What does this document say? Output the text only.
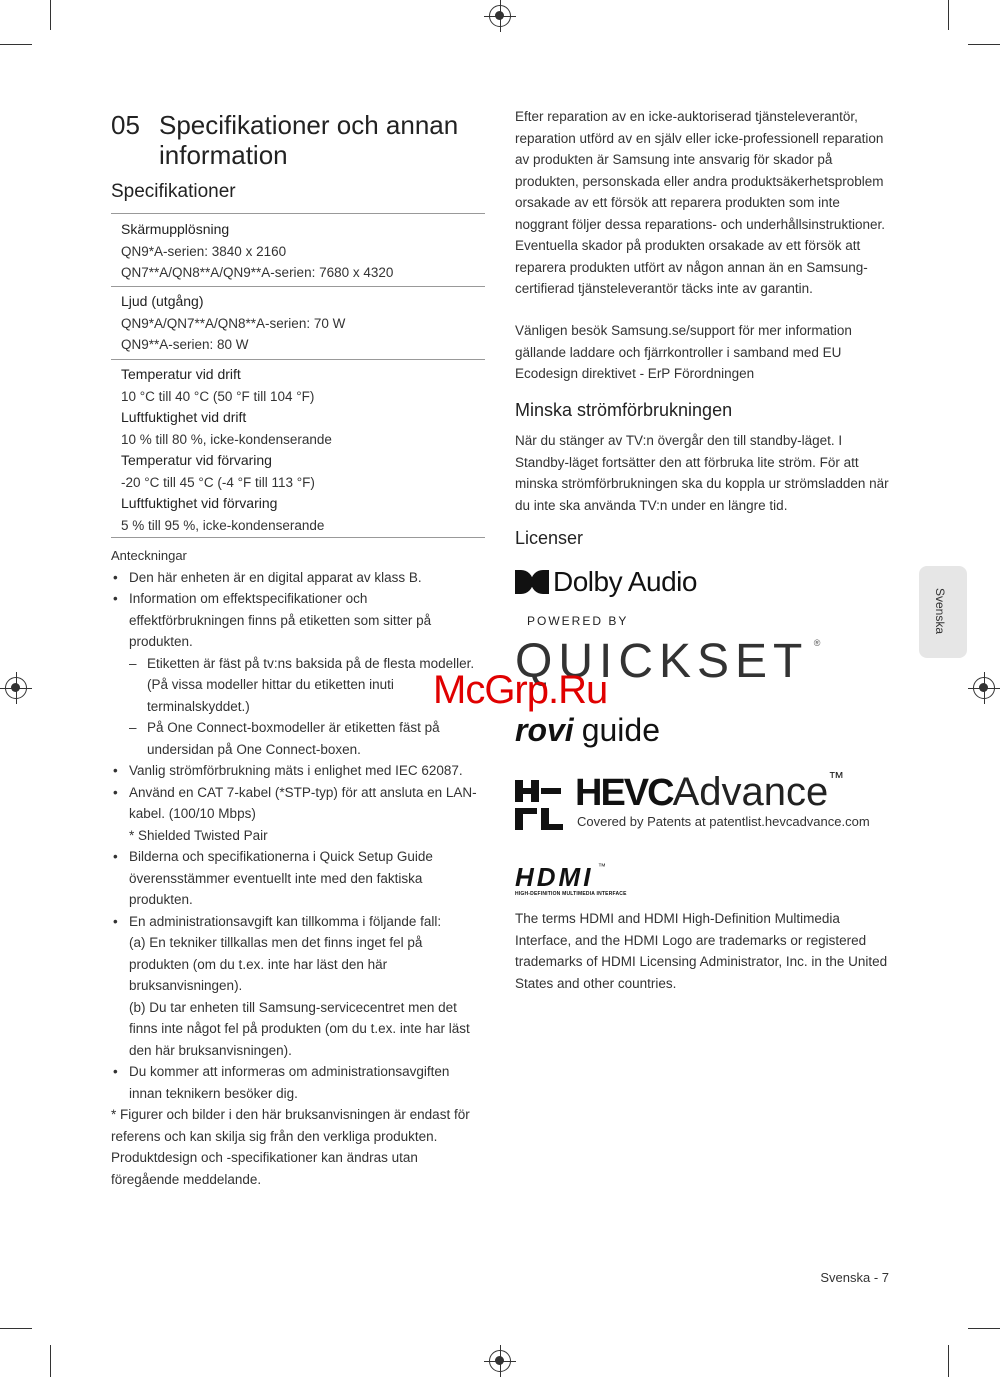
05 Specifikationer och annan
information
Specifikationer
Skärmupplösning
QN9*A-serien: 3840 x 2160
QN7**A/QN8**A/QN9**A-serien: 7680 x 4320
Ljud (utgång)
QN9*A/QN7**A/QN8**A-serien: 70 W
QN9**A-serien: 80 W
Temperatur vid drift
10 °C till 40 °C (50 °F till 104 °F)
Luftfuktighet vid drift
10 % till 80 %, icke-kondenserande
Temperatur vid förvaring
-20 °C till 45 °C (-4 °F till 113 °F)
Luftfuktighet vid förvaring
5 % till 95 %, icke-kondenserande
Anteckningar
• Den här enheten är en digital apparat av klass B.
• Information om effektspecifikationer och effektförbrukningen finns på etiketten som sitter på produkten.
– Etiketten är fäst på tv:ns baksida på de flesta modeller. (På vissa modeller hittar du etiketten inuti terminalskyddet.)
– På One Connect-boxmodeller är etiketten fäst på undersidan på One Connect-boxen.
• Vanlig strömförbrukning mäts i enlighet med IEC 62087.
• Använd en CAT 7-kabel (*STP-typ) för att ansluta en LAN-kabel. (100/10 Mbps)
* Shielded Twisted Pair
• Bilderna och specifikationerna i Quick Setup Guide överensstämmer eventuellt inte med den faktiska produkten.
• En administrationsavgift kan tillkomma i följande fall:
(a) En tekniker tillkallas men det finns inget fel på produkten (om du t.ex. inte har läst den här bruksanvisningen).
(b) Du tar enheten till Samsung-servicecentret men det finns inte något fel på produkten (om du t.ex. inte har läst den här bruksanvisningen).
• Du kommer att informeras om administrationsavgiften innan teknikern besöker dig.
* Figurer och bilder i den här bruksanvisningen är endast för referens och kan skilja sig från den verkliga produkten. Produktdesign och -specifikationer kan ändras utan föregående meddelande.
Efter reparation av en icke-auktoriserad tjänsteleverantör, reparation utförd av en själv eller icke-professionell reparation av produkten är Samsung inte ansvarig för skador på produkten, personskada eller andra produktsäkerhetsproblem orsakade av ett försök att reparera produkten som inte noggrant följer dessa reparations- och underhållsinstruktioner. Eventuella skador på produkten orsakade av ett försök att reparera produkten utfört av någon annan än en Samsung-certifierad tjänsteleverantör täcks inte av garantin.
Vänligen besök Samsung.se/support för mer information gällande laddare och fjärrkontroller i samband med EU Ecodesign direktivet - ErP Förordningen
Minska strömförbrukningen
När du stänger av TV:n övergår den till standby-läget. I Standby-läget fortsätter den att förbruka lite ström. För att minska strömförbrukningen ska du koppla ur strömsladden när du inte ska använda TV:n under en längre tid.
Licenser
Dolby Audio
POWERED BY
QUICKSET ®
rovi guide
HEVCAdvance™
Covered by Patents at patentlist.hevcadvance.com
HDMI ™
HIGH-DEFINITION MULTIMEDIA INTERFACE
The terms HDMI and HDMI High-Definition Multimedia Interface, and the HDMI Logo are trademarks or registered trademarks of HDMI Licensing Administrator, Inc. in the United States and other countries.
Svenska
McGrp.Ru
Svenska - 7
